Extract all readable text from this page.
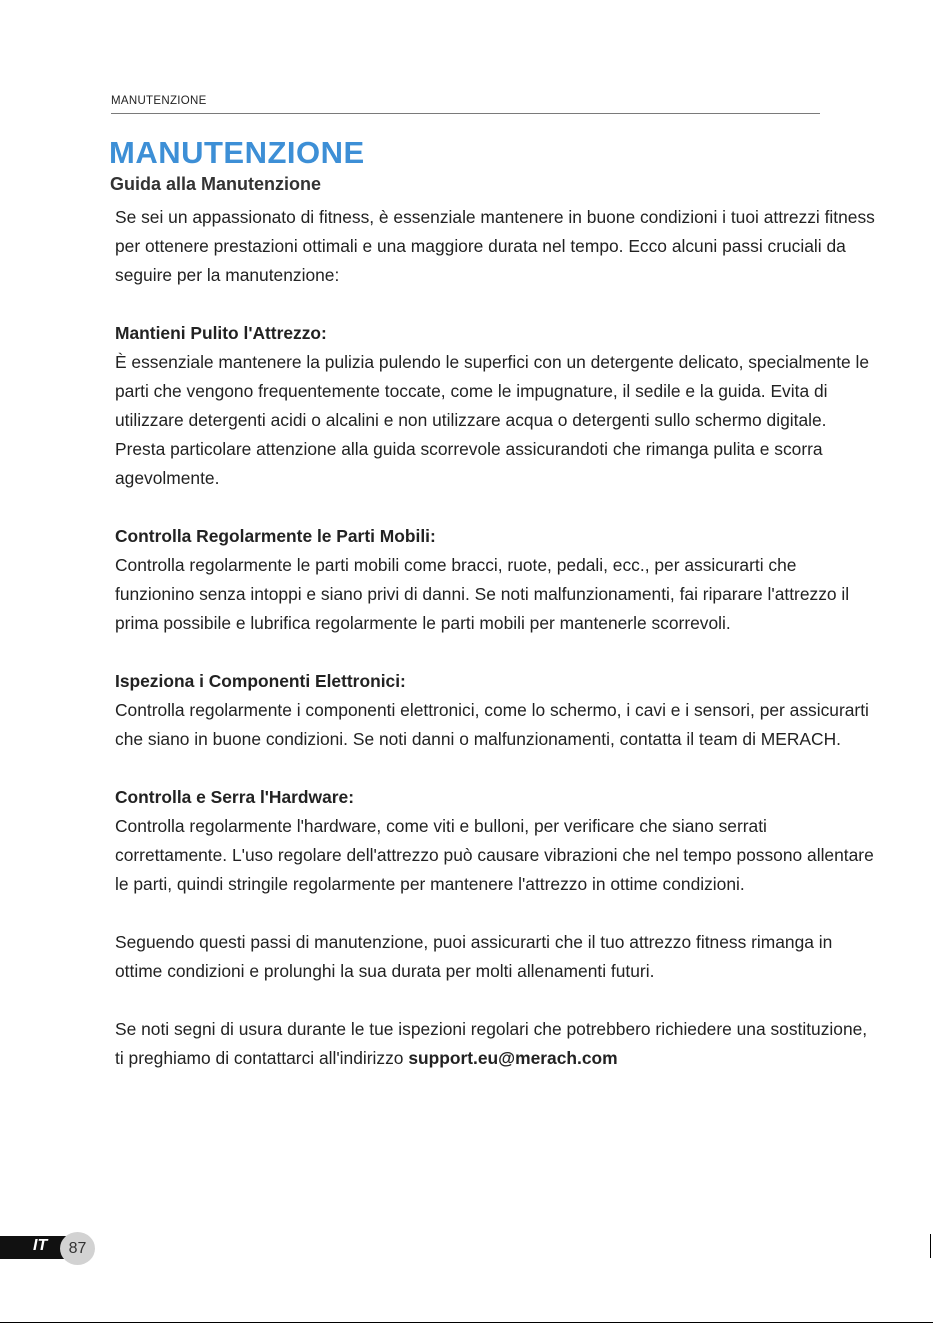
MANUTENZIONE
MANUTENZIONE
Guida alla Manutenzione

Se sei un appassionato di fitness, è essenziale mantenere in buone condizioni i tuoi attrezzi fitness per ottenere prestazioni ottimali e una maggiore durata nel tempo. Ecco alcuni passi cruciali da seguire per la manutenzione:

Mantieni Pulito l'Attrezzo:
È essenziale mantenere la pulizia pulendo le superfici con un detergente delicato, specialmente le parti che vengono frequentemente toccate, come le impugnature, il sedile e la guida. Evita di utilizzare detergenti acidi o alcalini e non utilizzare acqua o detergenti sullo schermo digitale. Presta particolare attenzione alla guida scorrevole assicurandoti che rimanga pulita e scorra agevolmente.

Controlla Regolarmente le Parti Mobili:
Controlla regolarmente le parti mobili come bracci, ruote, pedali, ecc., per assicurarti che funzionino senza intoppi e siano privi di danni. Se noti malfunzionamenti, fai riparare l'attrezzo il prima possibile e lubrifica regolarmente le parti mobili per mantenerle scorrevoli.

Ispeziona i Componenti Elettronici:
Controlla regolarmente i componenti elettronici, come lo schermo, i cavi e i sensori, per assicurarti che siano in buone condizioni. Se noti danni o malfunzionamenti, contatta il team di MERACH.

Controlla e Serra l'Hardware:
Controlla regolarmente l'hardware, come viti e bulloni, per verificare che siano serrati correttamente. L'uso regolare dell'attrezzo può causare vibrazioni che nel tempo possono allentare le parti, quindi stringile regolarmente per mantenere l'attrezzo in ottime condizioni.

Seguendo questi passi di manutenzione, puoi assicurarti che il tuo attrezzo fitness rimanga in ottime condizioni e prolunghi la sua durata per molti allenamenti futuri.

Se noti segni di usura durante le tue ispezioni regolari che potrebbero richiedere una sostituzione, ti preghiamo di contattarci all'indirizzo support.eu@merach.com

IT	87
